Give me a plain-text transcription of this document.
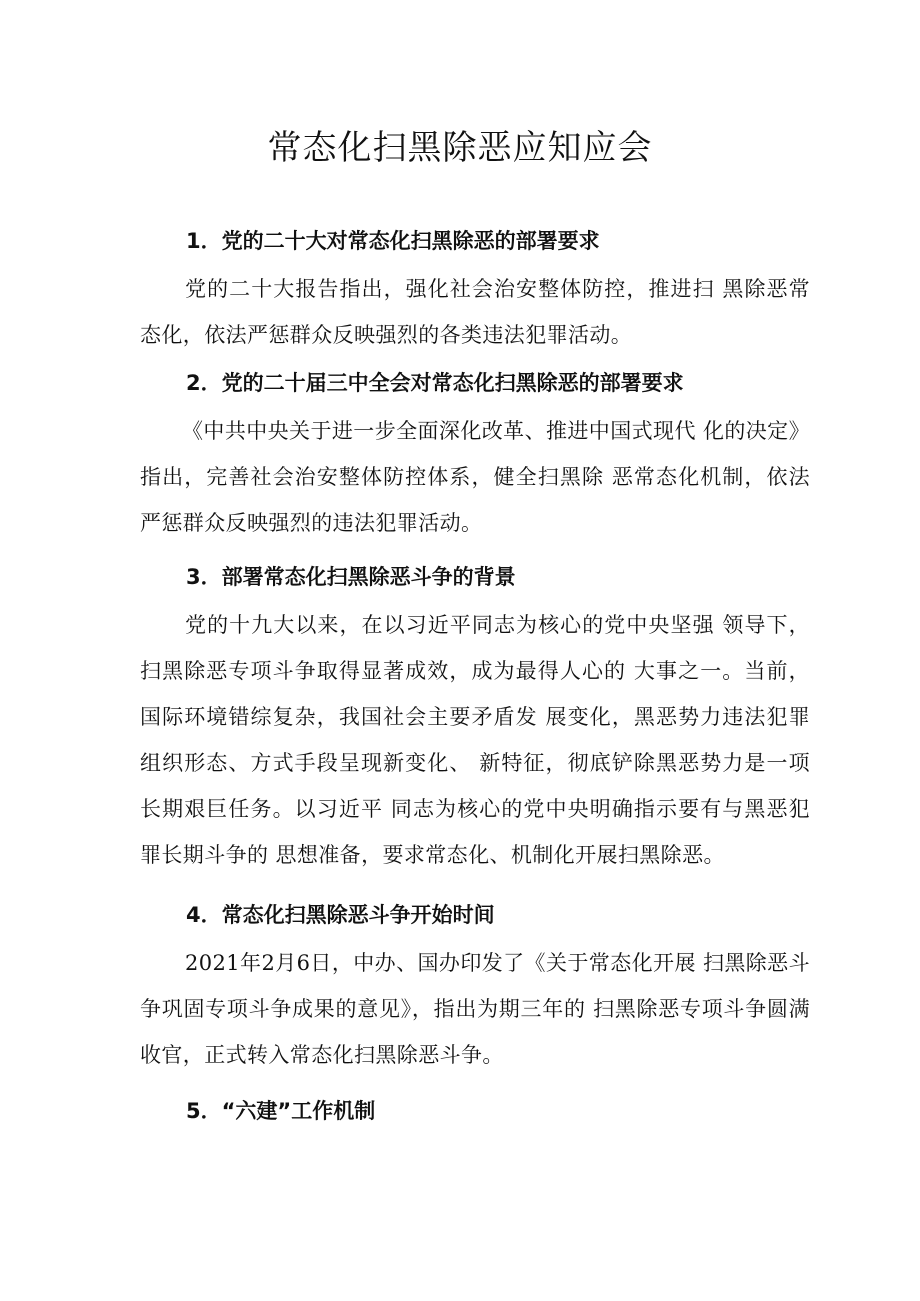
常态化扫黑除恶应知应会
1．党的二十大对常态化扫黑除恶的部署要求
党的二十大报告指出，强化社会治安整体防控，推进扫 黑除恶常态化，依法严惩群众反映强烈的各类违法犯罪活动。
2．党的二十届三中全会对常态化扫黑除恶的部署要求
《中共中央关于进一步全面深化改革、推进中国式现代 化的决定》指出，完善社会治安整体防控体系，健全扫黑除 恶常态化机制，依法严惩群众反映强烈的违法犯罪活动。
3．部署常态化扫黑除恶斗争的背景
党的十九大以来，在以习近平同志为核心的党中央坚强 领导下，扫黑除恶专项斗争取得显著成效，成为最得人心的 大事之一。当前，国际环境错综复杂，我国社会主要矛盾发 展变化，黑恶势力违法犯罪组织形态、方式手段呈现新变化、 新特征，彻底铲除黑恶势力是一项长期艰巨任务。以习近平 同志为核心的党中央明确指示要有与黑恶犯罪长期斗争的 思想准备，要求常态化、机制化开展扫黑除恶。
4．常态化扫黑除恶斗争开始时间
2021年2月6日，中办、国办印发了《关于常态化开展 扫黑除恶斗争巩固专项斗争成果的意见》，指出为期三年的 扫黑除恶专项斗争圆满收官，正式转入常态化扫黑除恶斗争。
5．“六建”工作机制
